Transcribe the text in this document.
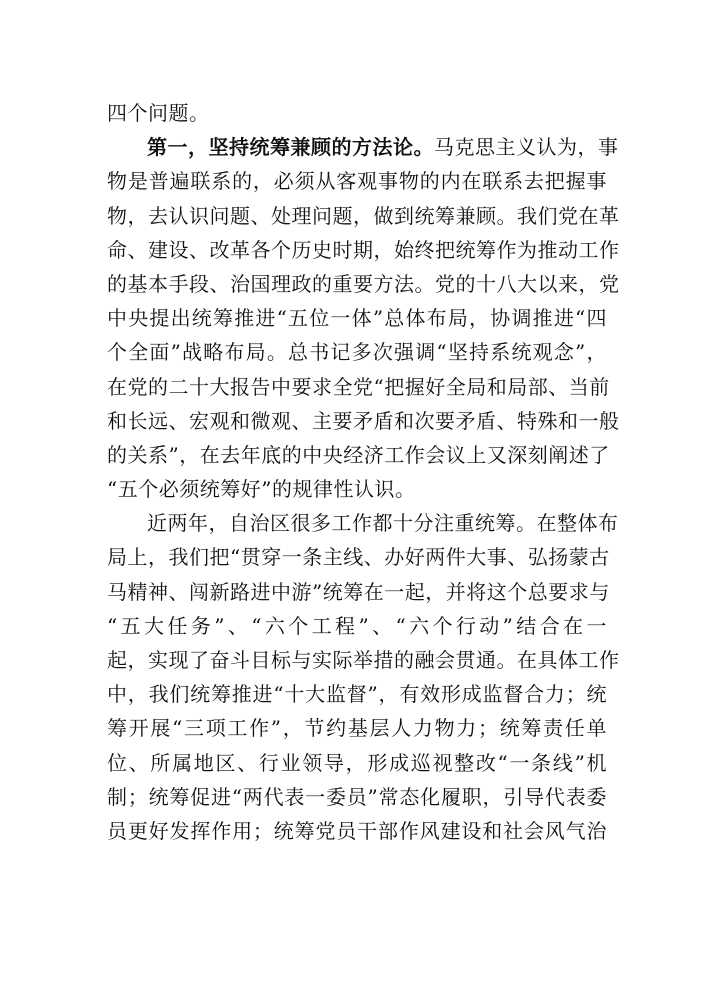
四个问题。
第一，坚持统筹兼顾的方法论。马克思主义认为，事
物是普遍联系的，必须从客观事物的内在联系去把握事
物，去认识问题、处理问题，做到统筹兼顾。我们党在革
命、建设、改革各个历史时期，始终把统筹作为推动工作
的基本手段、治国理政的重要方法。党的十八大以来，党
中央提出统筹推进“五位一体”总体布局，协调推进“四
个全面”战略布局。总书记多次强调“坚持系统观念”，
在党的二十大报告中要求全党“把握好全局和局部、当前
和长远、宏观和微观、主要矛盾和次要矛盾、特殊和一般
的关系”，在去年底的中央经济工作会议上又深刻阐述了
“五个必须统筹好”的规律性认识。
近两年，自治区很多工作都十分注重统筹。在整体布
局上，我们把“贯穿一条主线、办好两件大事、弘扬蒙古
马精神、闯新路进中游”统筹在一起，并将这个总要求与
“五大任务”、“六个工程”、“六个行动”结合在一
起，实现了奋斗目标与实际举措的融会贯通。在具体工作
中，我们统筹推进“十大监督”，有效形成监督合力；统
筹开展“三项工作”，节约基层人力物力；统筹责任单
位、所属地区、行业领导，形成巡视整改“一条线”机
制；统筹促进“两代表一委员”常态化履职，引导代表委
员更好发挥作用；统筹党员干部作风建设和社会风气治
